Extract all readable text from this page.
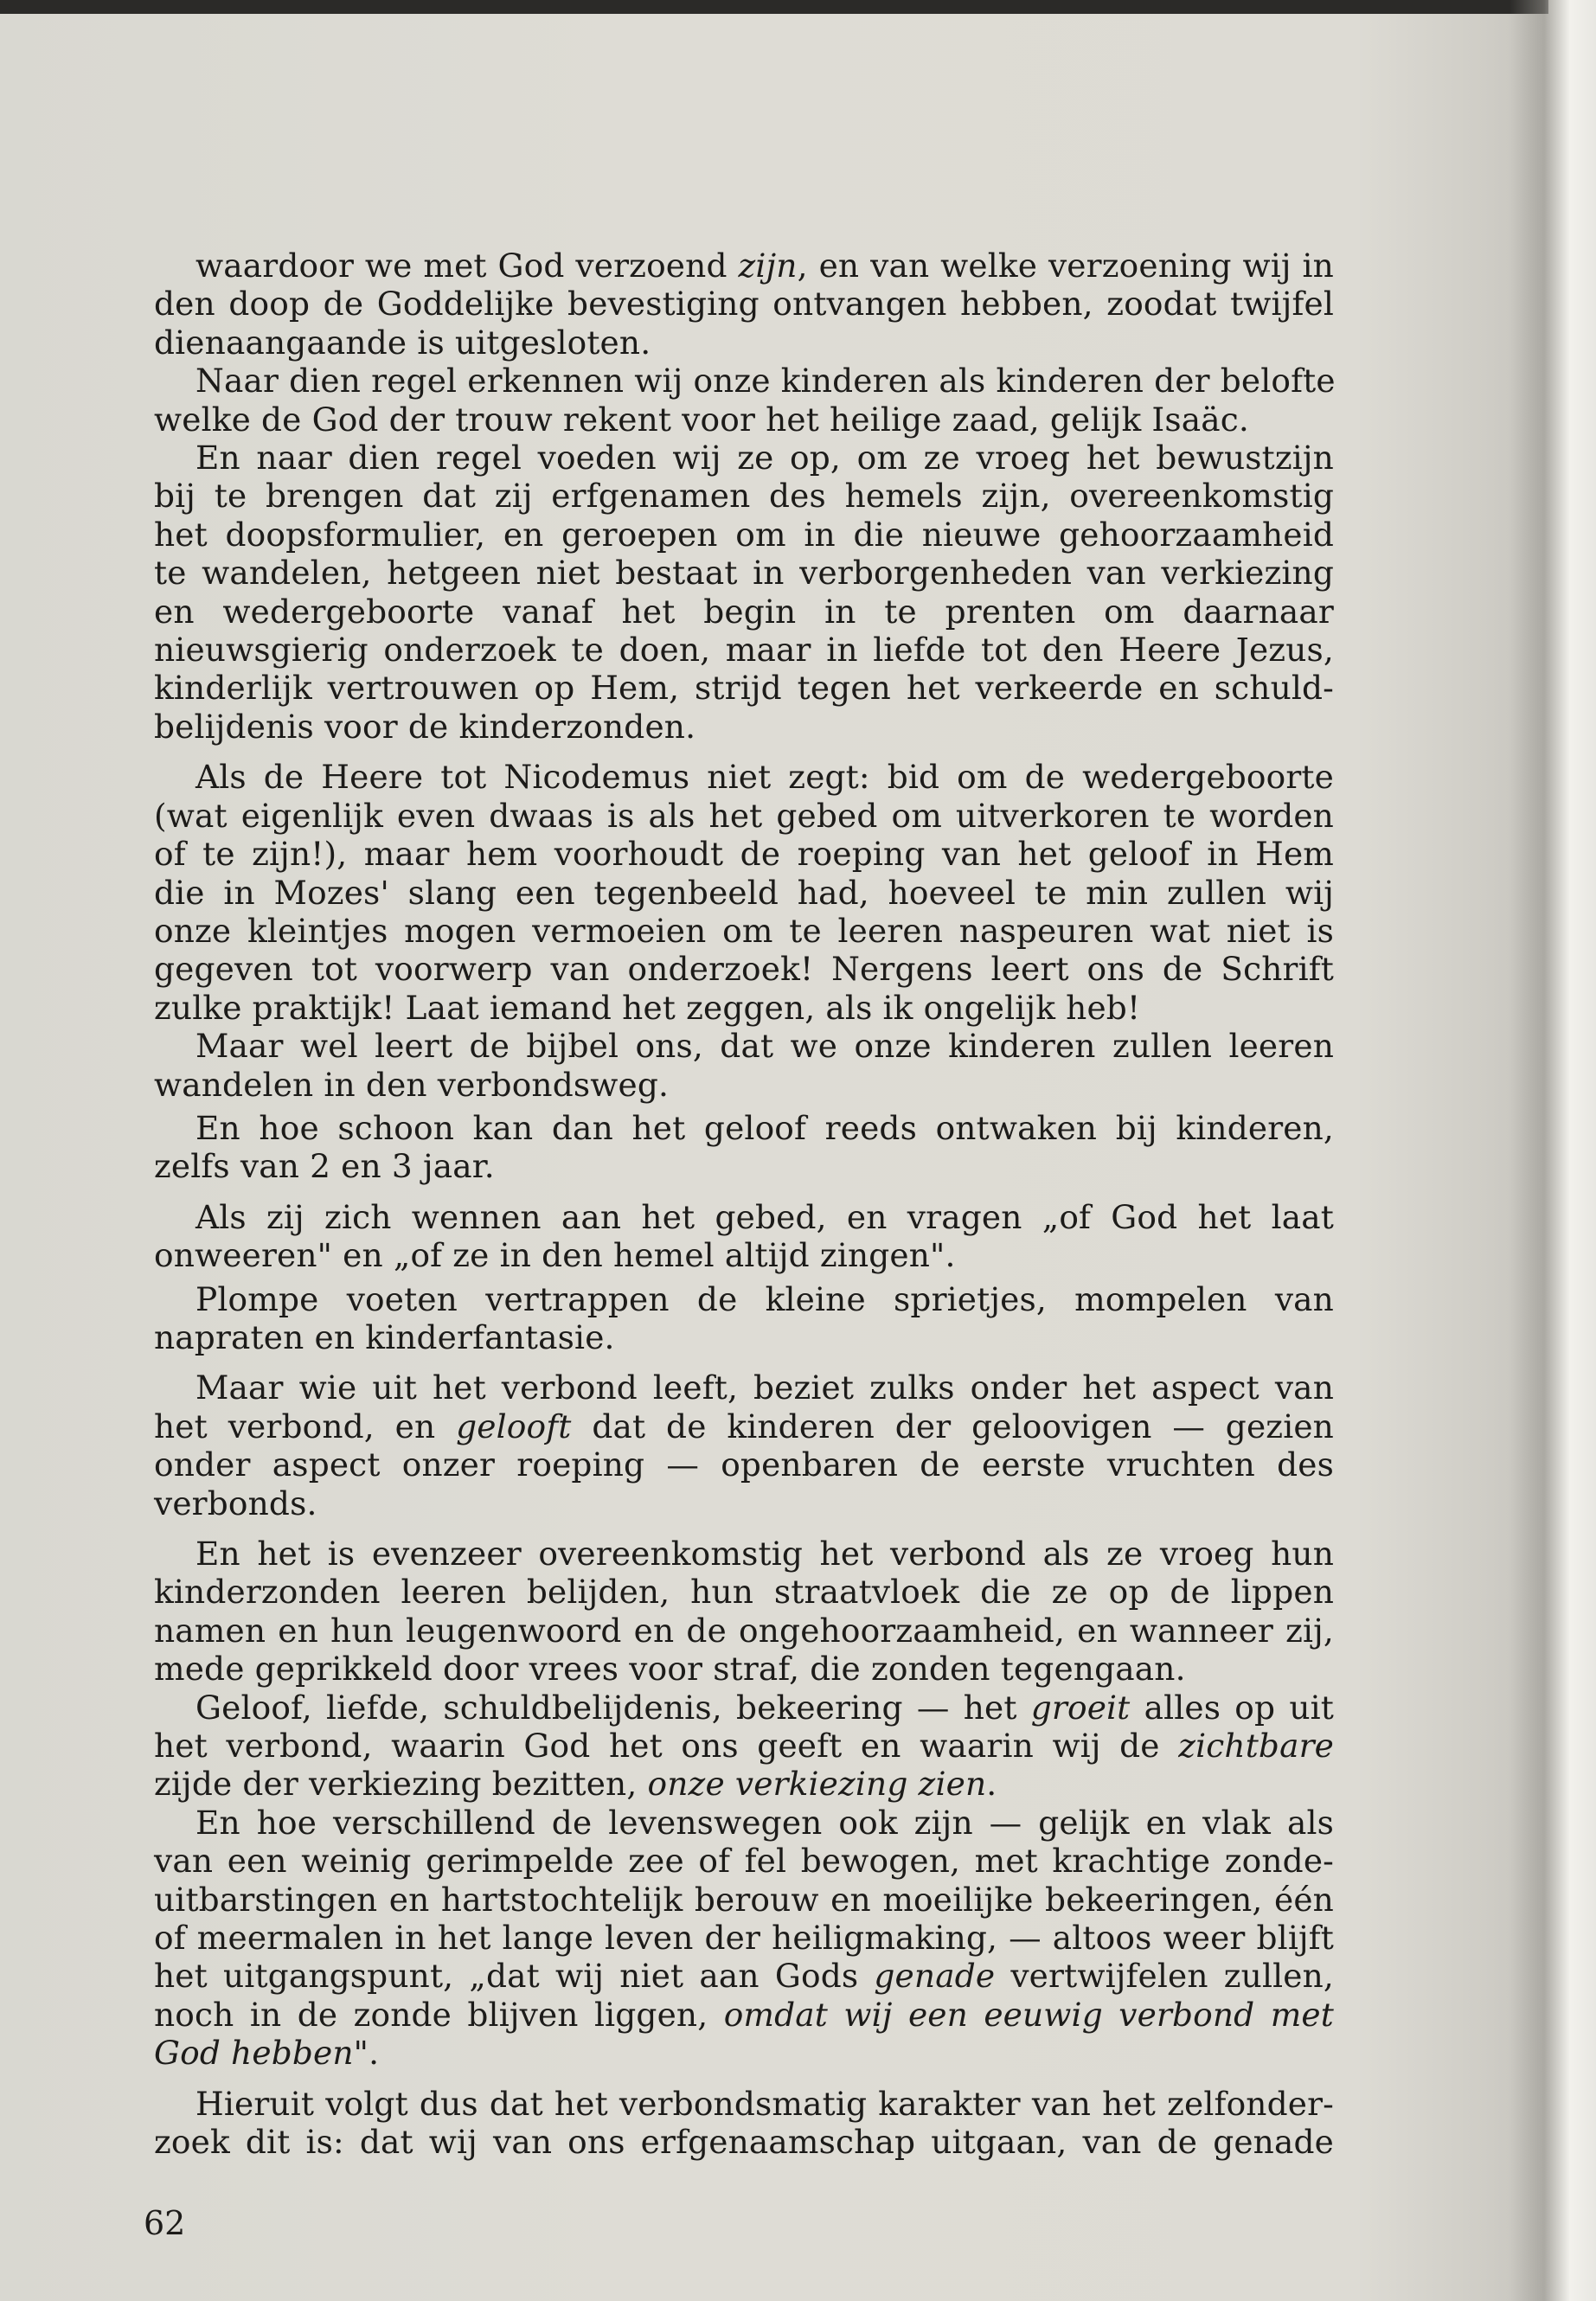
waardoor we met God verzoend zijn, en van welke verzoening wij in
den doop de Goddelijke bevestiging ontvangen hebben, zoodat twijfel
dienaangaande is uitgesloten.
Naar dien regel erkennen wij onze kinderen als kinderen der belofte
welke de God der trouw rekent voor het heilige zaad, gelijk Isaäc.
En naar dien regel voeden wij ze op, om ze vroeg het bewustzijn
bij te brengen dat zij erfgenamen des hemels zijn, overeenkomstig
het doopsformulier, en geroepen om in die nieuwe gehoorzaamheid
te wandelen, hetgeen niet bestaat in verborgenheden van verkiezing
en wedergeboorte vanaf het begin in te prenten om daarnaar
nieuwsgierig onderzoek te doen, maar in liefde tot den Heere Jezus,
kinderlijk vertrouwen op Hem, strijd tegen het verkeerde en schuld-
belijdenis voor de kinderzonden.
Als de Heere tot Nicodemus niet zegt: bid om de wedergeboorte
(wat eigenlijk even dwaas is als het gebed om uitverkoren te worden
of te zijn!), maar hem voorhoudt de roeping van het geloof in Hem
die in Mozes' slang een tegenbeeld had, hoeveel te min zullen wij
onze kleintjes mogen vermoeien om te leeren naspeuren wat niet is
gegeven tot voorwerp van onderzoek! Nergens leert ons de Schrift
zulke praktijk! Laat iemand het zeggen, als ik ongelijk heb!
Maar wel leert de bijbel ons, dat we onze kinderen zullen leeren
wandelen in den verbondsweg.
En hoe schoon kan dan het geloof reeds ontwaken bij kinderen,
zelfs van 2 en 3 jaar.
Als zij zich wennen aan het gebed, en vragen „of God het laat
onweeren" en „of ze in den hemel altijd zingen".
Plompe voeten vertrappen de kleine sprietjes, mompelen van
napraten en kinderfantasie.
Maar wie uit het verbond leeft, beziet zulks onder het aspect van
het verbond, en gelooft dat de kinderen der geloovigen — gezien
onder aspect onzer roeping — openbaren de eerste vruchten des
verbonds.
En het is evenzeer overeenkomstig het verbond als ze vroeg hun
kinderzonden leeren belijden, hun straatvloek die ze op de lippen
namen en hun leugenwoord en de ongehoorzaamheid, en wanneer zij,
mede geprikkeld door vrees voor straf, die zonden tegengaan.
Geloof, liefde, schuldbelijdenis, bekeering — het groeit alles op uit
het verbond, waarin God het ons geeft en waarin wij de zichtbare
zijde der verkiezing bezitten, onze verkiezing zien.
En hoe verschillend de levenswegen ook zijn — gelijk en vlak als
van een weinig gerimpelde zee of fel bewogen, met krachtige zonde-
uitbarstingen en hartstochtelijk berouw en moeilijke bekeeringen, één
of meermalen in het lange leven der heiligmaking, — altoos weer blijft
het uitgangspunt, „dat wij niet aan Gods genade vertwijfelen zullen,
noch in de zonde blijven liggen, omdat wij een eeuwig verbond met
God hebben".
Hieruit volgt dus dat het verbondsmatig karakter van het zelfonder-
zoek dit is: dat wij van ons erfgenaamschap uitgaan, van de genade
62
